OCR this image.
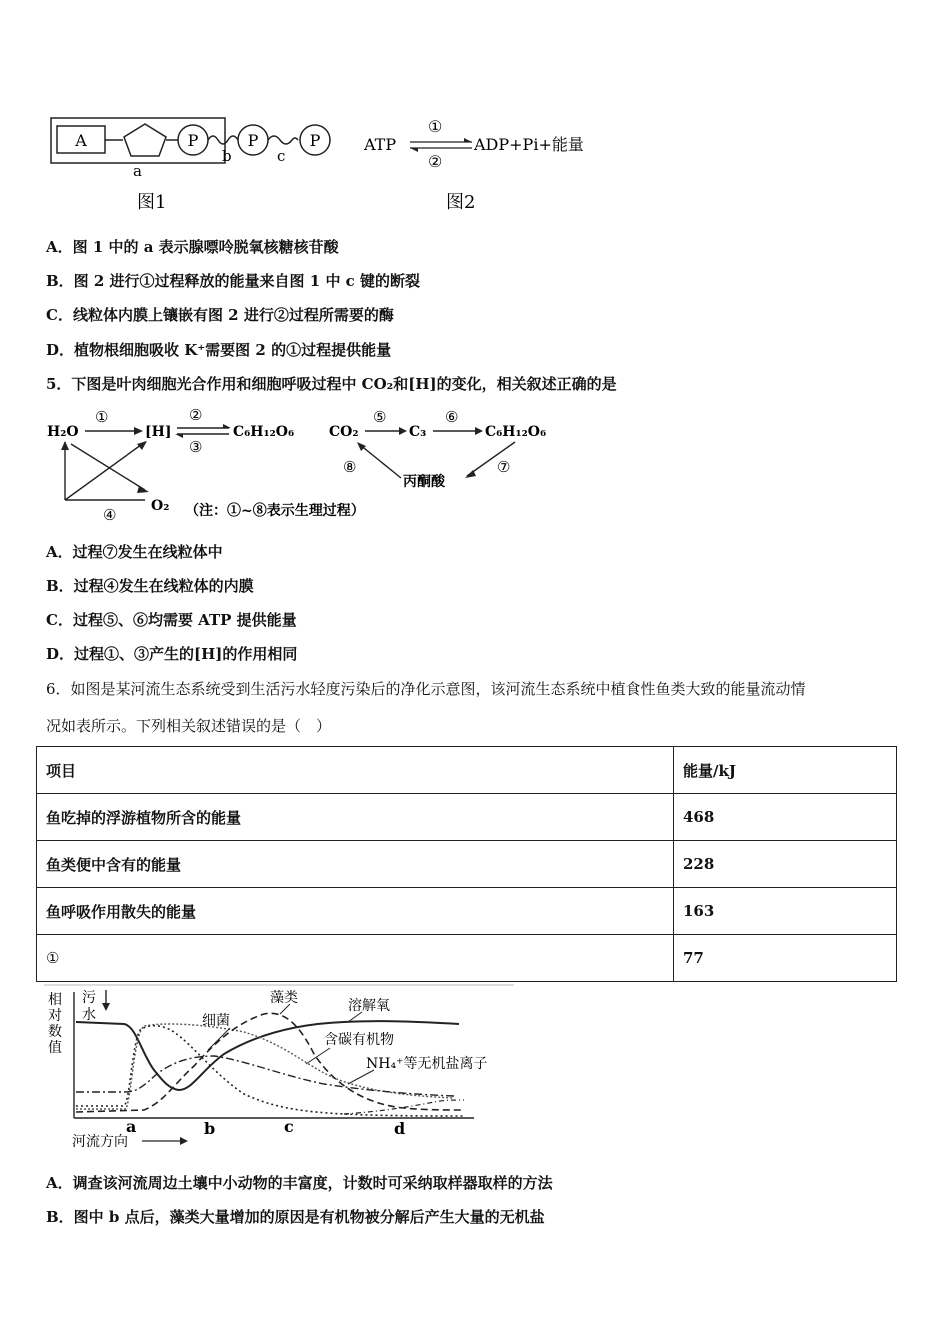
A	P	P	P
a
b	c
图1
ATP
①
②
ADP+Pi+能量
图2
A．图 1 中的 a 表示腺嘌呤脱氧核糖核苷酸
B．图 2 进行①过程释放的能量来自图 1 中 c 键的断裂
C．线粒体内膜上镶嵌有图 2 进行②过程所需要的酶
D．植物根细胞吸收 K⁺需要图 2 的①过程提供能量
5．下图是叶肉细胞光合作用和细胞呼吸过程中 CO₂和[H]的变化，相关叙述正确的是
H₂O
①
[H]
②
③
C₆H₁₂O₆
O₂
④	（注：①~⑧表示生理过程）
CO₂
⑤
C₃
⑥
C₆H₁₂O₆
丙酮酸
⑦
⑧
A．过程⑦发生在线粒体中
B．过程④发生在线粒体的内膜
C．过程⑤、⑥均需要 ATP 提供能量
D．过程①、③产生的[H]的作用相同
6．如图是某河流生态系统受到生活污水轻度污染后的净化示意图，该河流生态系统中植食性鱼类大致的能量流动情
况如表所示。下列相关叙述错误的是（　）
项目	能量/kJ
鱼吃掉的浮游植物所含的能量	468
鱼类便中含有的能量	228
鱼呼吸作用散失的能量	163
①	77
相
对
数
值
污
水	细菌
藻类	溶解氧
含碳有机物
NH₄⁺等无机盐离子
a	b	c	d
河流方向
A．调查该河流周边土壤中小动物的丰富度，计数时可采纳取样器取样的方法
B．图中 b 点后，藻类大量增加的原因是有机物被分解后产生大量的无机盐
